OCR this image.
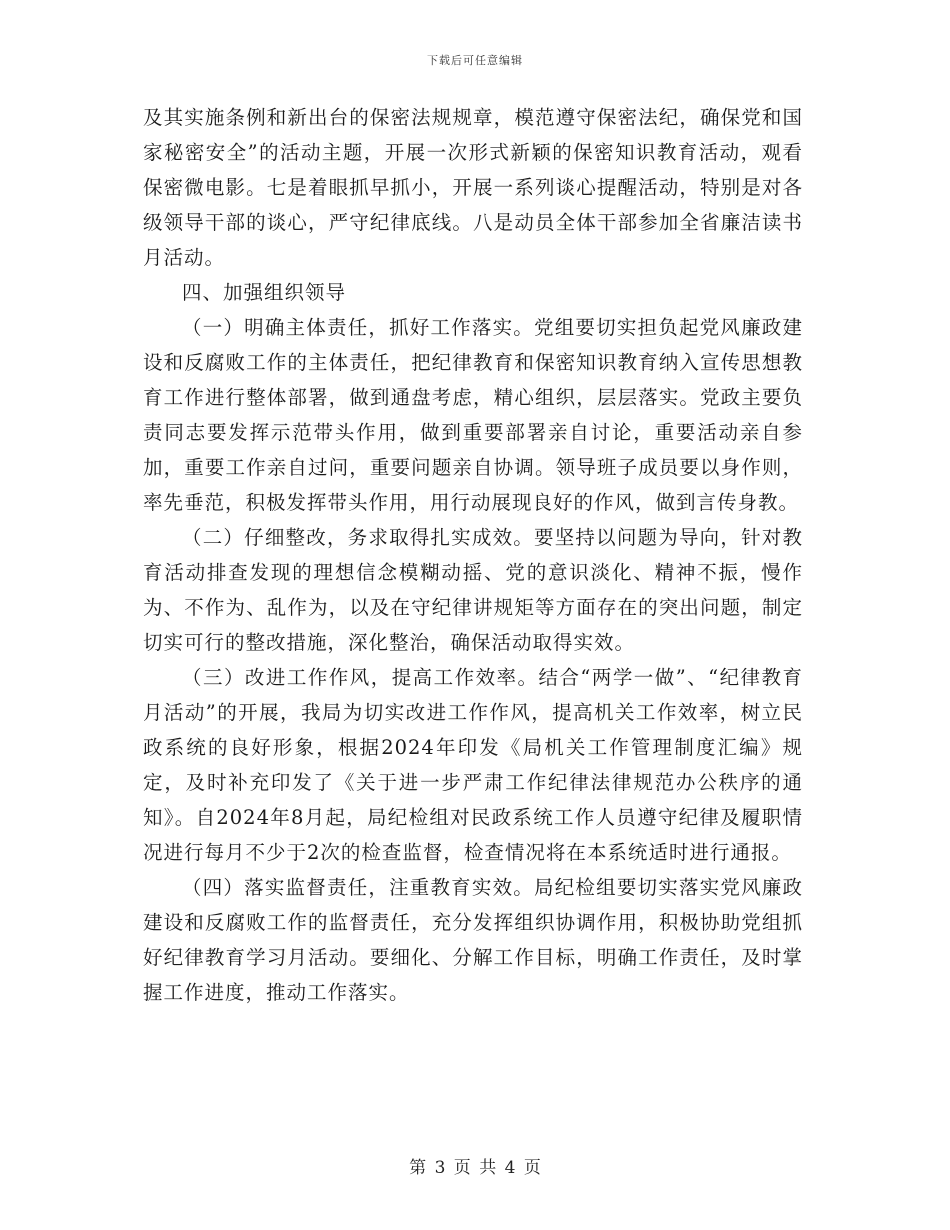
下载后可任意编辑

及其实施条例和新出台的保密法规规章，模范遵守保密法纪，确保党和国家秘密安全”的活动主题，开展一次形式新颖的保密知识教育活动，观看保密微电影。七是着眼抓早抓小，开展一系列谈心提醒活动，特别是对各级领导干部的谈心，严守纪律底线。八是动员全体干部参加全省廉洁读书月活动。

四、加强组织领导

（一）明确主体责任，抓好工作落实。党组要切实担负起党风廉政建设和反腐败工作的主体责任，把纪律教育和保密知识教育纳入宣传思想教育工作进行整体部署，做到通盘考虑，精心组织，层层落实。党政主要负责同志要发挥示范带头作用，做到重要部署亲自讨论，重要活动亲自参加，重要工作亲自过问，重要问题亲自协调。领导班子成员要以身作则，率先垂范，积极发挥带头作用，用行动展现良好的作风，做到言传身教。

（二）仔细整改，务求取得扎实成效。要坚持以问题为导向，针对教育活动排查发现的理想信念模糊动摇、党的意识淡化、精神不振，慢作为、不作为、乱作为，以及在守纪律讲规矩等方面存在的突出问题，制定切实可行的整改措施，深化整治，确保活动取得实效。

（三）改进工作作风，提高工作效率。结合“两学一做”、“纪律教育月活动”的开展，我局为切实改进工作作风，提高机关工作效率，树立民政系统的良好形象，根据2024年印发《局机关工作管理制度汇编》规定，及时补充印发了《关于进一步严肃工作纪律法律规范办公秩序的通知》。自2024年8月起，局纪检组对民政系统工作人员遵守纪律及履职情况进行每月不少于2次的检查监督，检查情况将在本系统适时进行通报。

（四）落实监督责任，注重教育实效。局纪检组要切实落实党风廉政建设和反腐败工作的监督责任，充分发挥组织协调作用，积极协助党组抓好纪律教育学习月活动。要细化、分解工作目标，明确工作责任，及时掌握工作进度，推动工作落实。

第 3 页 共 4 页
